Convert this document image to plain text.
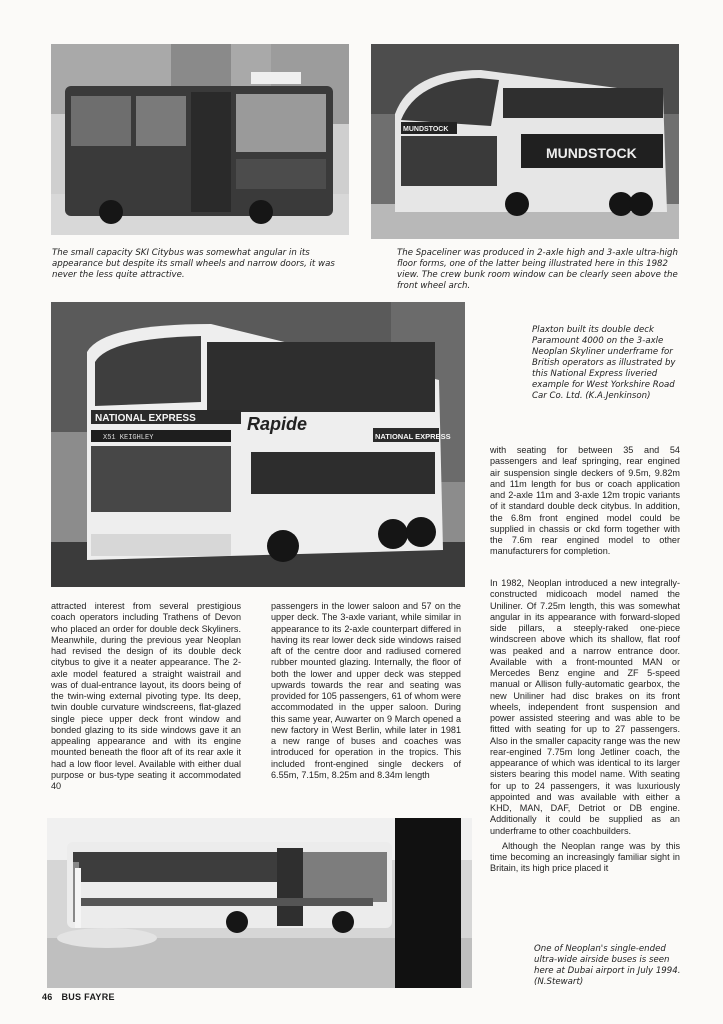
MUNDSTOCK
MUNDSTOCK
The small capacity SKI Citybus was somewhat angular in its appearance but despite its small wheels and narrow doors, it was never the less quite attractive.
The Spaceliner was produced in 2-axle high and 3-axle ultra-high floor forms, one of the latter being illustrated here in this 1982 view. The crew bunk room window can be clearly seen above the front wheel arch.
NATIONAL EXPRESS	Rapide
NATIONAL EXPRESS
X51 KEIGHLEY
Plaxton built its double deck Paramount 4000 on the 3-axle Neoplan Skyliner underframe for British operators as illustrated by this National Express liveried example for West Yorkshire Road Car Co. Ltd. (K.A.Jenkinson)

with seating for between 35 and 54 passengers and leaf springing, rear engined air suspension single deckers of 9.5m, 9.82m and 11m length for bus or coach application and 2-axle 11m and 3-axle 12m tropic variants of it standard double deck citybus. In addition, the 6.8m front engined model could be supplied in chassis or ckd form together with the 7.6m rear engined model to other manufacturers for completion.

attracted interest from several prestigious coach operators including Trathens of Devon who placed an order for double deck Skyliners. Meanwhile, during the previous year Neoplan had revised the design of its double deck citybus to give it a neater appearance. The 2-axle model featured a straight waistrail and was of dual-entrance layout, its doors being of the twin-wing external pivoting type. Its deep, twin double curvature windscreens, flat-glazed single piece upper deck front window and bonded glazing to its side windows gave it an appealing appearance and with its engine mounted beneath the floor aft of its rear axle it had a low floor level. Available with either dual purpose or bus-type seating it accommodated 40

passengers in the lower saloon and 57 on the upper deck. The 3-axle variant, while similar in appearance to its 2-axle counterpart differed in having its rear lower deck side windows raised aft of the centre door and radiused cornered rubber mounted glazing. Internally, the floor of both the lower and upper deck was stepped upwards towards the rear and seating was provided for 105 passengers, 61 of whom were accommodated in the upper saloon. During this same year, Auwarter on 9 March opened a new factory in West Berlin, while later in 1981 a new range of buses and coaches was introduced for operation in the tropics. This included front-engined single deckers of 6.55m, 7.15m, 8.25m and 8.34m length

In 1982, Neoplan introduced a new integrally-constructed midicoach model named the Uniliner. Of 7.25m length, this was somewhat angular in its appearance with forward-sloped side pillars, a steeply-raked one-piece windscreen above which its shallow, flat roof was peaked and a narrow entrance door. Available with a front-mounted MAN or Mercedes Benz engine and ZF 5-speed manual or Allison fully-automatic gearbox, the new Uniliner had disc brakes on its front wheels, independent front suspension and power assisted steering and was able to be fitted with seating for up to 27 passengers. Also in the smaller capacity range was the new rear-engined 7.75m long Jetliner coach, the appearance of which was identical to its larger sisters bearing this model name. With seating for up to 24 passengers, it was luxuriously appointed and was available with either a KHD, MAN, DAF, Detriot or DB engine. Additionally it could be supplied as an underframe to other coachbuilders.

Although the Neoplan range was by this time becoming an increasingly familiar sight in Britain, its high price placed it

One of Neoplan's single-ended ultra-wide airside buses is seen here at Dubai airport in July 1994. (N.Stewart)
46 BUS FAYRE
